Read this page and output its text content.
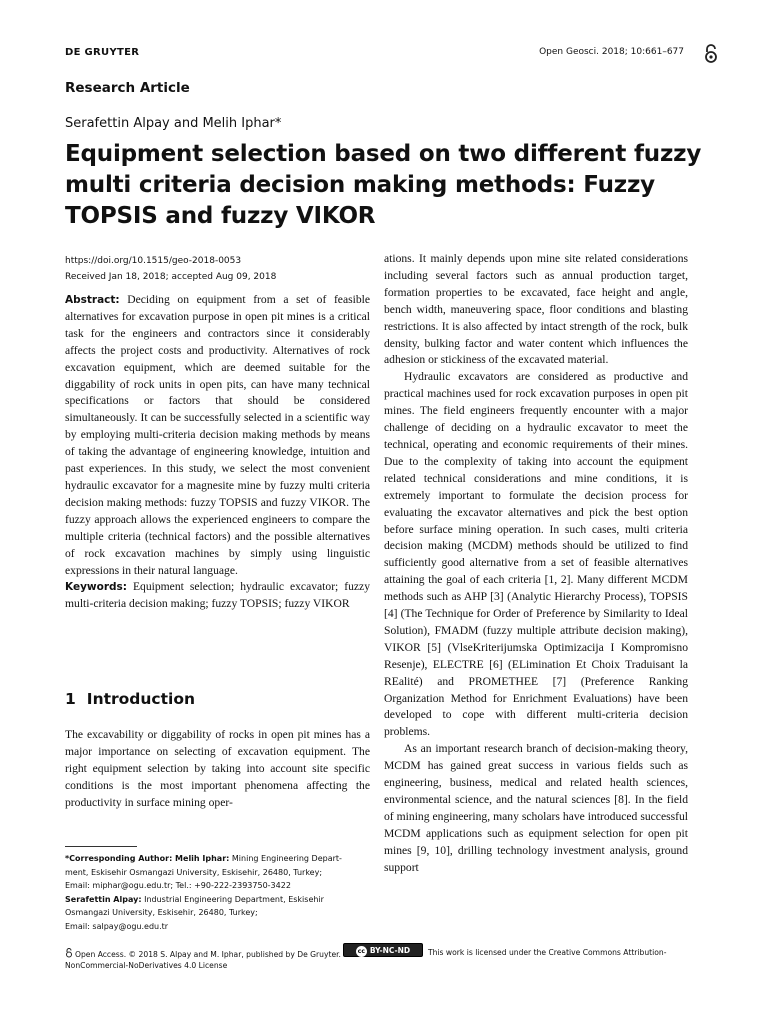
DE GRUYTER	Open Geosci. 2018; 10:661–677
Research Article
Serafettin Alpay and Melih Iphar*
Equipment selection based on two different fuzzy multi criteria decision making methods: Fuzzy TOPSIS and fuzzy VIKOR
https://doi.org/10.1515/geo-2018-0053
Received Jan 18, 2018; accepted Aug 09, 2018

Abstract: Deciding on equipment from a set of feasible alternatives for excavation purpose in open pit mines is a critical task for the engineers and contractors since it considerably affects the project costs and productivity. Alternatives of rock excavation equipment, which are deemed suitable for the diggability of rock units in open pits, can have many technical specifications or factors that should be considered simultaneously. It can be successfully selected in a scientific way by employing multi-criteria decision making methods by means of taking the advantage of engineering knowledge, intuition and past experiences. In this study, we select the most convenient hydraulic excavator for a magnesite mine by fuzzy multi criteria decision making methods: fuzzy TOPSIS and fuzzy VIKOR. The fuzzy approach allows the experienced engineers to compare the multiple criteria (technical factors) and the possible alternatives of rock excavation machines by simply using linguistic expressions in their natural language.

Keywords: Equipment selection; hydraulic excavator; fuzzy multi-criteria decision making; fuzzy TOPSIS; fuzzy VIKOR

1 Introduction

The excavability or diggability of rocks in open pit mines has a major importance on selecting of excavation equipment. The right equipment selection by taking into account site specific conditions is the most important phenomena affecting the productivity in surface mining oper-

ations. It mainly depends upon mine site related considerations including several factors such as annual production target, formation properties to be excavated, face height and angle, bench width, maneuvering space, floor conditions and blasting restrictions. It is also affected by intact strength of the rock, bulk density, bulking factor and water content which influences the adhesion or stickiness of the excavated material.

Hydraulic excavators are considered as productive and practical machines used for rock excavation purposes in open pit mines. The field engineers frequently encounter with a major challenge of deciding on a hydraulic excavator to meet the technical, operating and economic requirements of their mines. Due to the complexity of taking into account the equipment related technical considerations and mine conditions, it is extremely important to formulate the decision process for evaluating the excavator alternatives and pick the best option before surface mining operation. In such cases, multi criteria decision making (MCDM) methods should be utilized to find sufficiently good alternative from a set of feasible alternatives attaining the goal of each criteria [1, 2]. Many different MCDM methods such as AHP [3] (Analytic Hierarchy Process), TOPSIS [4] (The Technique for Order of Preference by Similarity to Ideal Solution), FMADM (fuzzy multiple attribute decision making), VIKOR [5] (VlseKriterijumska Optimizacija I Kompromisno Resenje), ELECTRE [6] (ELimination Et Choix Traduisant la REalité) and PROMETHEE [7] (Preference Ranking Organization Method for Enrichment Evaluations) have been developed to cope with different multi-criteria decision problems.

As an important research branch of decision-making theory, MCDM has gained great success in various fields such as engineering, business, medical and related health sciences, environmental science, and the natural sciences [8]. In the field of mining engineering, many scholars have introduced successful MCDM applications such as equipment selection for open pit mines [9, 10], drilling technology investment analysis, ground support

*Corresponding Author: Melih Iphar: Mining Engineering Depart-
ment, Eskisehir Osmangazi University, Eskisehir, 26480, Turkey;
Email: miphar@ogu.edu.tr; Tel.: +90-222-2393750-3422
Serafettin Alpay: Industrial Engineering Department, Eskisehir
Osmangazi University, Eskisehir, 26480, Turkey;
Email: salpay@ogu.edu.tr
Open Access. © 2018 S. Alpay and M. Iphar, published by De Gruyter.
NonCommercial-NoDerivatives 4.0 License
cc BY-NC-ND	This work is licensed under the Creative Commons Attribution-
